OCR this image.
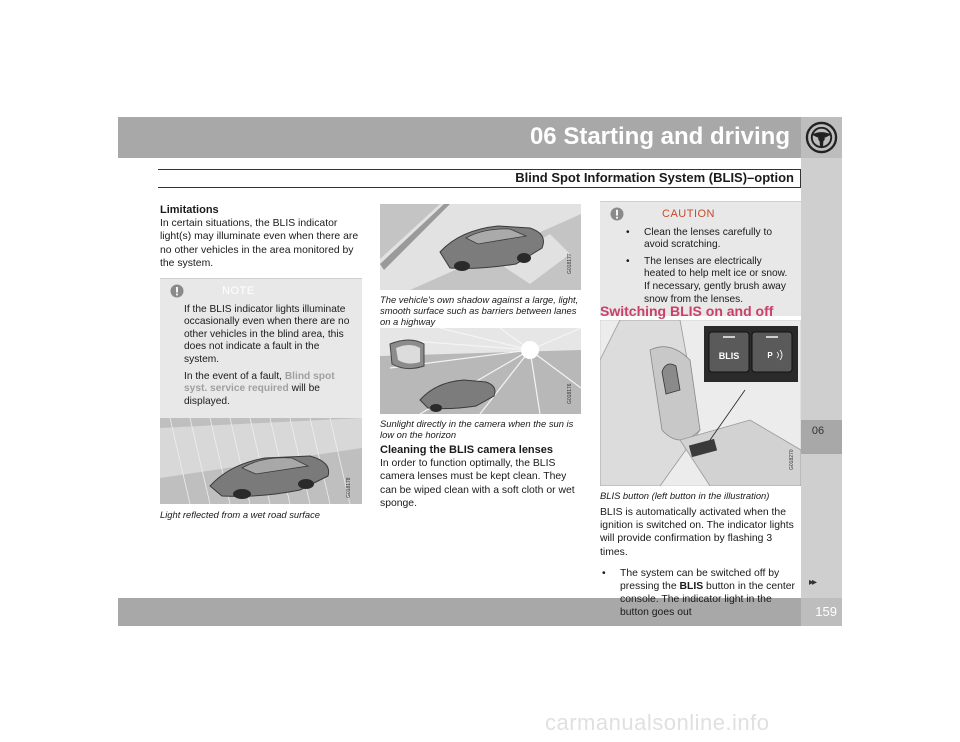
06 Starting and driving
Blind Spot Information System (BLIS)–option
06
159
▸▸
carmanualsonline.info
Limitations

In certain situations, the BLIS indicator light(s) may illuminate even when there are no other vehicles in the area monitored by the system.

NOTE

If the BLIS indicator lights illuminate occasionally even when there are no other vehicles in the blind area, this does not indicate a fault in the system.

In the event of a fault, Blind spot syst. service required will be displayed.

G018178
Light reflected from a wet road surface
G018177
The vehicle's own shadow against a large, light, smooth surface such as barriers between lanes on a highway
G018176
Sunlight directly in the camera when the sun is low on the horizon
Cleaning the BLIS camera lenses

In order to function optimally, the BLIS camera lenses must be kept clean. They can be wiped clean with a soft cloth or wet sponge.

CAUTION
• Clean the lenses carefully to avoid scratching.
• The lenses are electrically heated to help melt ice or snow. If necessary, gently brush away snow from the lenses.
Switching BLIS on and off
BLIS	P
G018270
BLIS button (left button in the illustration)

BLIS is automatically activated when the ignition is switched on. The indicator lights will provide confirmation by flashing 3 times.

• The system can be switched off by pressing the BLIS button in the center console. The indicator light in the button goes out
